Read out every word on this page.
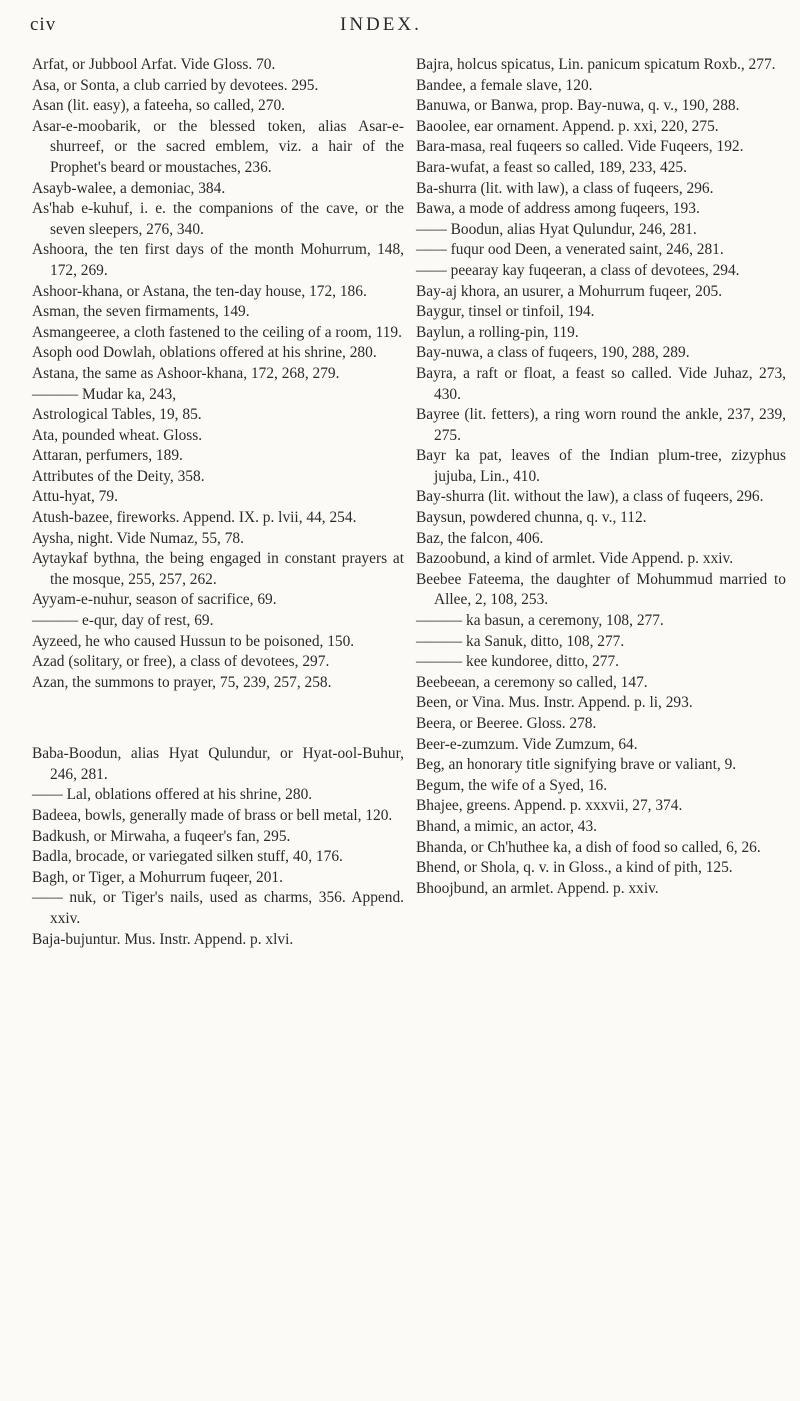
civ	INDEX.

Arfat, or Jubbool Arfat. Vide Gloss. 70.

Asa, or Sonta, a club carried by devotees. 295.

Asan (lit. easy), a fateeha, so called, 270.

Asar-e-moobarik, or the blessed token, alias Asar-e-shurreef, or the sacred emblem, viz. a hair of the Prophet's beard or moustaches, 236.

Asayb-walee, a demoniac, 384.

As'hab e-kuhuf, i. e. the companions of the cave, or the seven sleepers, 276, 340.

Ashoora, the ten first days of the month Mohurrum, 148, 172, 269.

Ashoor-khana, or Astana, the ten-day house, 172, 186.

Asman, the seven firmaments, 149.

Asmangeeree, a cloth fastened to the ceiling of a room, 119.

Asoph ood Dowlah, oblations offered at his shrine, 280.

Astana, the same as Ashoor-khana, 172, 268, 279.

——— Mudar ka, 243,

Astrological Tables, 19, 85.

Ata, pounded wheat. Gloss.

Attaran, perfumers, 189.

Attributes of the Deity, 358.

Attu-hyat, 79.

Atush-bazee, fireworks. Append. IX. p. lvii, 44, 254.

Aysha, night. Vide Numaz, 55, 78.

Aytaykaf bythna, the being engaged in constant prayers at the mosque, 255, 257, 262.

Ayyam-e-nuhur, season of sacrifice, 69.

——— e-qur, day of rest, 69.

Ayzeed, he who caused Hussun to be poisoned, 150.

Azad (solitary, or free), a class of devotees, 297.

Azan, the summons to prayer, 75, 239, 257, 258.

Baba-Boodun, alias Hyat Qulundur, or Hyat-ool-Buhur, 246, 281.

—— Lal, oblations offered at his shrine, 280.

Badeea, bowls, generally made of brass or bell metal, 120.

Badkush, or Mirwaha, a fuqeer's fan, 295.

Badla, brocade, or variegated silken stuff, 40, 176.

Bagh, or Tiger, a Mohurrum fuqeer, 201.

—— nuk, or Tiger's nails, used as charms, 356. Append. xxiv.

Baja-bujuntur. Mus. Instr. Append. p. xlvi.

Bajra, holcus spicatus, Lin. panicum spicatum Roxb., 277.

Bandee, a female slave, 120.

Banuwa, or Banwa, prop. Bay-nuwa, q. v., 190, 288.

Baoolee, ear ornament. Append. p. xxi, 220, 275.

Bara-masa, real fuqeers so called. Vide Fuqeers, 192.

Bara-wufat, a feast so called, 189, 233, 425.

Ba-shurra (lit. with law), a class of fuqeers, 296.

Bawa, a mode of address among fuqeers, 193.

—— Boodun, alias Hyat Qulundur, 246, 281.

—— fuqur ood Deen, a venerated saint, 246, 281.

—— peearay kay fuqeeran, a class of devotees, 294.

Bay-aj khora, an usurer, a Mohurrum fuqeer, 205.

Baygur, tinsel or tinfoil, 194.

Baylun, a rolling-pin, 119.

Bay-nuwa, a class of fuqeers, 190, 288, 289.

Bayra, a raft or float, a feast so called. Vide Juhaz, 273, 430.

Bayree (lit. fetters), a ring worn round the ankle, 237, 239, 275.

Bayr ka pat, leaves of the Indian plum-tree, zizyphus jujuba, Lin., 410.

Bay-shurra (lit. without the law), a class of fuqeers, 296.

Baysun, powdered chunna, q. v., 112.

Baz, the falcon, 406.

Bazoobund, a kind of armlet. Vide Append. p. xxiv.

Beebee Fateema, the daughter of Mohummud married to Allee, 2, 108, 253.

——— ka basun, a ceremony, 108, 277.

——— ka Sanuk, ditto, 108, 277.

——— kee kundoree, ditto, 277.

Beebeean, a ceremony so called, 147.

Been, or Vina. Mus. Instr. Append. p. li, 293.

Beera, or Beeree. Gloss. 278.

Beer-e-zumzum. Vide Zumzum, 64.

Beg, an honorary title signifying brave or valiant, 9.

Begum, the wife of a Syed, 16.

Bhajee, greens. Append. p. xxxvii, 27, 374.

Bhand, a mimic, an actor, 43.

Bhanda, or Ch'huthee ka, a dish of food so called, 6, 26.

Bhend, or Shola, q. v. in Gloss., a kind of pith, 125.

Bhoojbund, an armlet. Append. p. xxiv.
